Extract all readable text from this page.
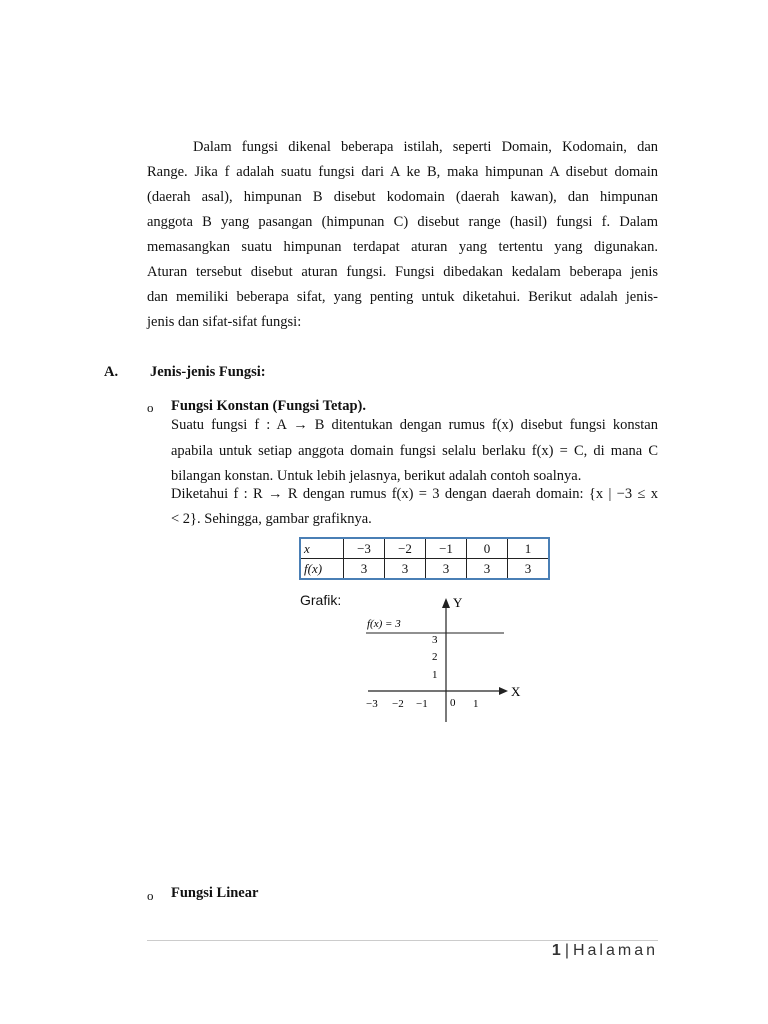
Dalam fungsi dikenal beberapa istilah, seperti Domain, Kodomain, dan
Range. Jika f adalah suatu fungsi dari A ke B, maka himpunan A disebut domain
(daerah asal), himpunan B disebut kodomain (daerah kawan), dan himpunan
anggota B yang pasangan (himpunan C) disebut range (hasil) fungsi f. Dalam
memasangkan suatu himpunan terdapat aturan yang tertentu yang digunakan.
Aturan tersebut disebut aturan fungsi. Fungsi dibedakan kedalam beberapa jenis
dan memiliki beberapa sifat, yang penting untuk diketahui. Berikut adalah jenis-
jenis dan sifat-sifat fungsi:
A. Jenis-jenis Fungsi:
o Fungsi Konstan (Fungsi Tetap).
Suatu fungsi f : A → B ditentukan dengan rumus f(x) disebut fungsi konstan
apabila untuk setiap anggota domain fungsi selalu berlaku f(x) = C, di mana C
bilangan konstan. Untuk lebih jelasnya, berikut adalah contoh soalnya.
Diketahui f : R → R dengan rumus f(x) = 3 dengan daerah domain: {x | −3 ≤ x
< 2}. Sehingga, gambar grafiknya.
x	−3	−2	−1	0	1
f(x)	3	3	3	3	3
Grafik:
f(x) = 3
X
Y
1
2
3
−3 −2 −1 0 1
o Fungsi Linear
1 | Halaman
